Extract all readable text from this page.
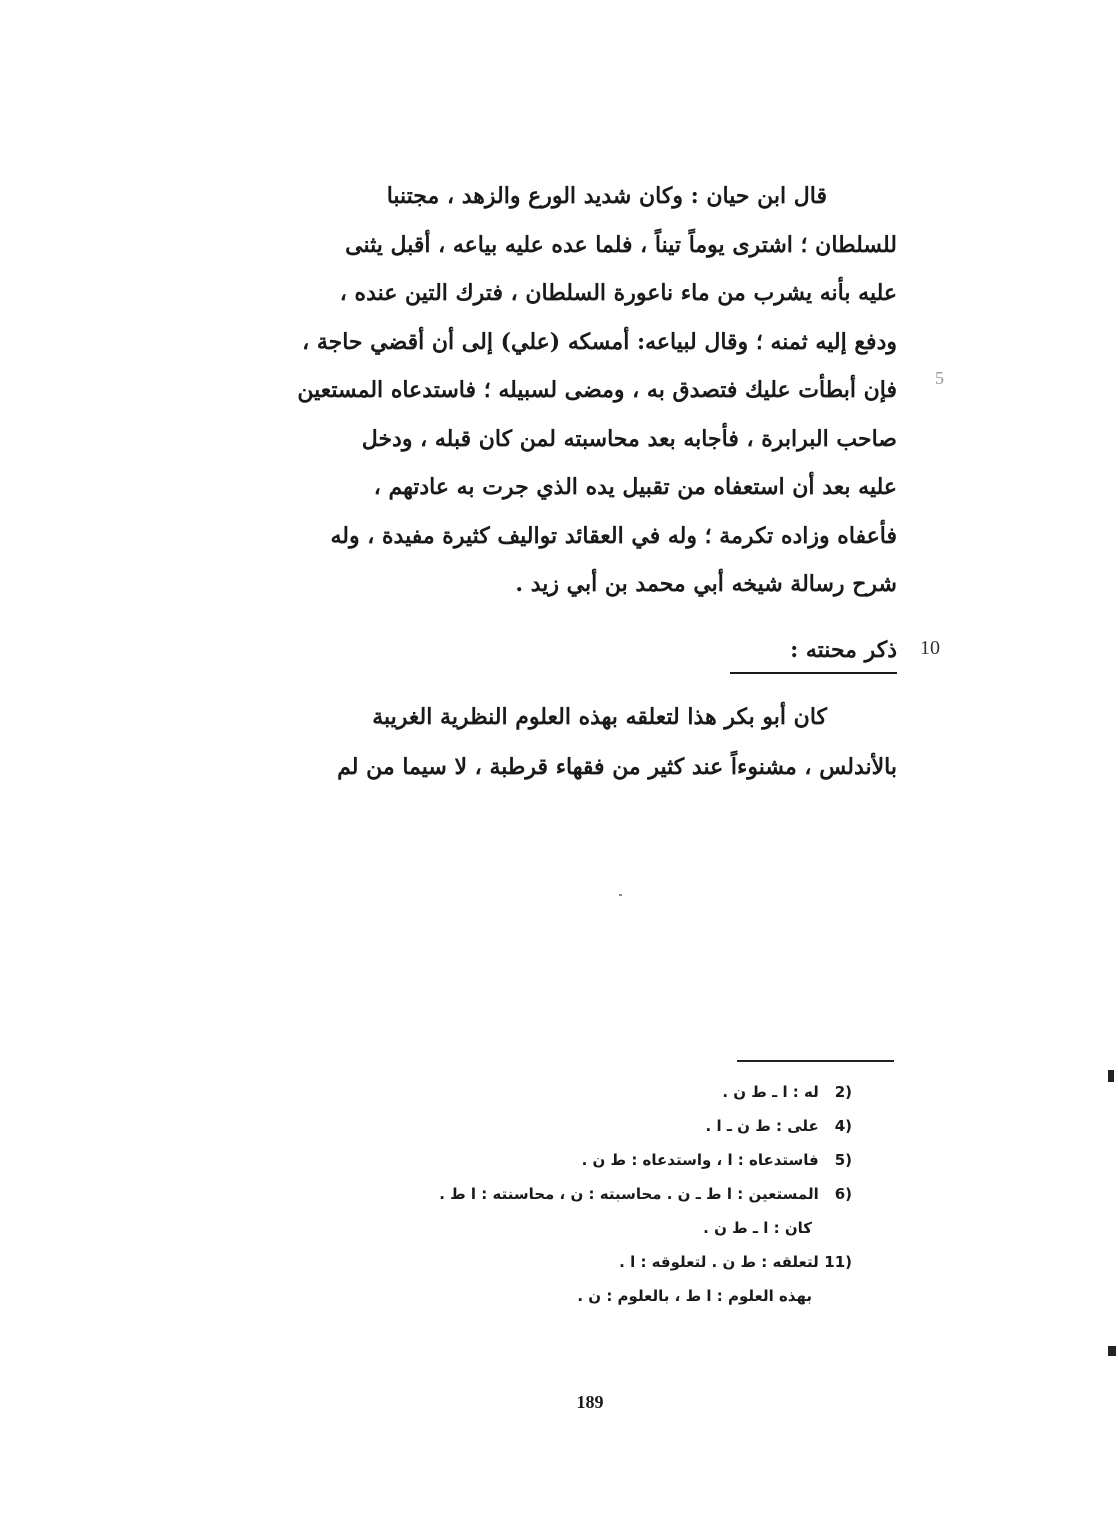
قال ابن حيان : وكان شديد الورع والزهد ، مجتنبا
للسلطان ؛ اشترى يوماً تيناً ، فلما عده عليه بياعه ، أقبل يثنى
عليه بأنه يشرب من ماء ناعورة السلطان ، فترك التين عنده ،
ودفع إليه ثمنه ؛ وقال لبياعه: أمسكه (علي) إلى أن أقضي حاجة ،
فإن أبطأت عليك فتصدق به ، ومضى لسبيله ؛ فاستدعاه المستعين
صاحب البرابرة ، فأجابه بعد محاسبته لمن كان قبله ، ودخل
عليه بعد أن استعفاه من تقبيل يده الذي جرت به عادتهم ،
فأعفاه وزاده تكرمة ؛ وله في العقائد تواليف كثيرة مفيدة ، وله
شرح رسالة شيخه أبي محمد بن أبي زيد .
5
10
ذكر محنته :
كان أبو بكر هذا لتعلقه بهذه العلوم النظرية الغريبة
بالأندلس ، مشنوءاً عند كثير من فقهاء قرطبة ، لا سيما من لم
(2 له : ا ـ ط ن .
(4 على : ط ن ـ ا .
(5 فاستدعاه : ا ، واستدعاه : ط ن .
(6 المستعين : ا ط ـ ن . محاسبته : ن ، محاسنته : ا ط .
كان : ا ـ ط ن .
(11 لتعلقه : ط ن . لتعلوقه : ا .
بهذه العلوم : ا ط ، بالعلوم : ن .
189
